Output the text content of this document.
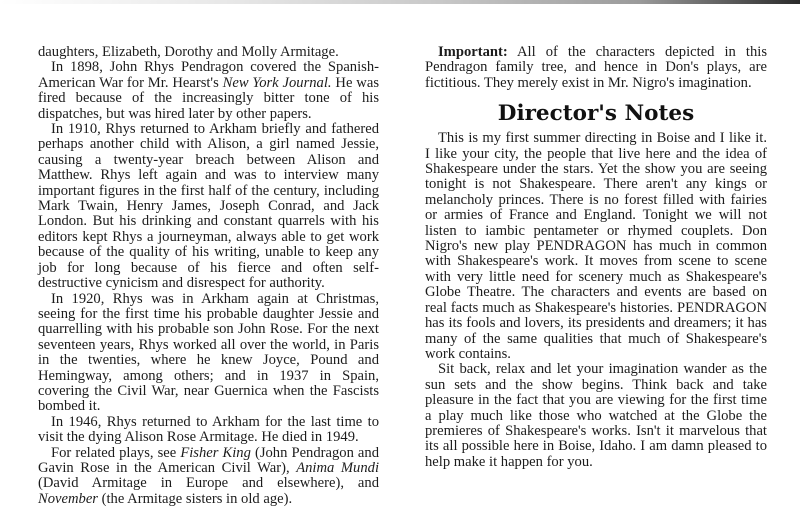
daughters, Elizabeth, Dorothy and Molly Armitage.

In 1898, John Rhys Pendragon covered the Spanish-American War for Mr. Hearst's New York Journal. He was fired because of the increasingly bitter tone of his dispatches, but was hired later by other papers.

In 1910, Rhys returned to Arkham briefly and fathered perhaps another child with Alison, a girl named Jessie, causing a twenty-year breach between Alison and Matthew. Rhys left again and was to interview many important figures in the first half of the century, including Mark Twain, Henry James, Joseph Conrad, and Jack London. But his drinking and constant quarrels with his editors kept Rhys a journeyman, always able to get work because of the quality of his writing, unable to keep any job for long because of his fierce and often self-destructive cynicism and disrespect for authority.

In 1920, Rhys was in Arkham again at Christmas, seeing for the first time his probable daughter Jessie and quarrelling with his probable son John Rose. For the next seventeen years, Rhys worked all over the world, in Paris in the twenties, where he knew Joyce, Pound and Hemingway, among others; and in 1937 in Spain, covering the Civil War, near Guernica when the Fascists bombed it.

In 1946, Rhys returned to Arkham for the last time to visit the dying Alison Rose Armitage. He died in 1949.

For related plays, see Fisher King (John Pendragon and Gavin Rose in the American Civil War), Anima Mundi (David Armitage in Europe and elsewhere), and November (the Armitage sisters in old age).

Important: All of the characters depicted in this Pendragon family tree, and hence in Don's plays, are fictitious. They merely exist in Mr. Nigro's imagination.

Director's Notes

This is my first summer directing in Boise and I like it. I like your city, the people that live here and the idea of Shakespeare under the stars. Yet the show you are seeing tonight is not Shakespeare. There aren't any kings or melancholy princes. There is no forest filled with fairies or armies of France and England. Tonight we will not listen to iambic pentameter or rhymed couplets. Don Nigro's new play PENDRAGON has much in common with Shakespeare's work. It moves from scene to scene with very little need for scenery much as Shakespeare's Globe Theatre. The characters and events are based on real facts much as Shakespeare's histories. PENDRAGON has its fools and lovers, its presidents and dreamers; it has many of the same qualities that much of Shakespeare's work contains.

Sit back, relax and let your imagination wander as the sun sets and the show begins. Think back and take pleasure in the fact that you are viewing for the first time a play much like those who watched at the Globe the premieres of Shakespeare's works. Isn't it marvelous that its all possible here in Boise, Idaho. I am damn pleased to help make it happen for you.
